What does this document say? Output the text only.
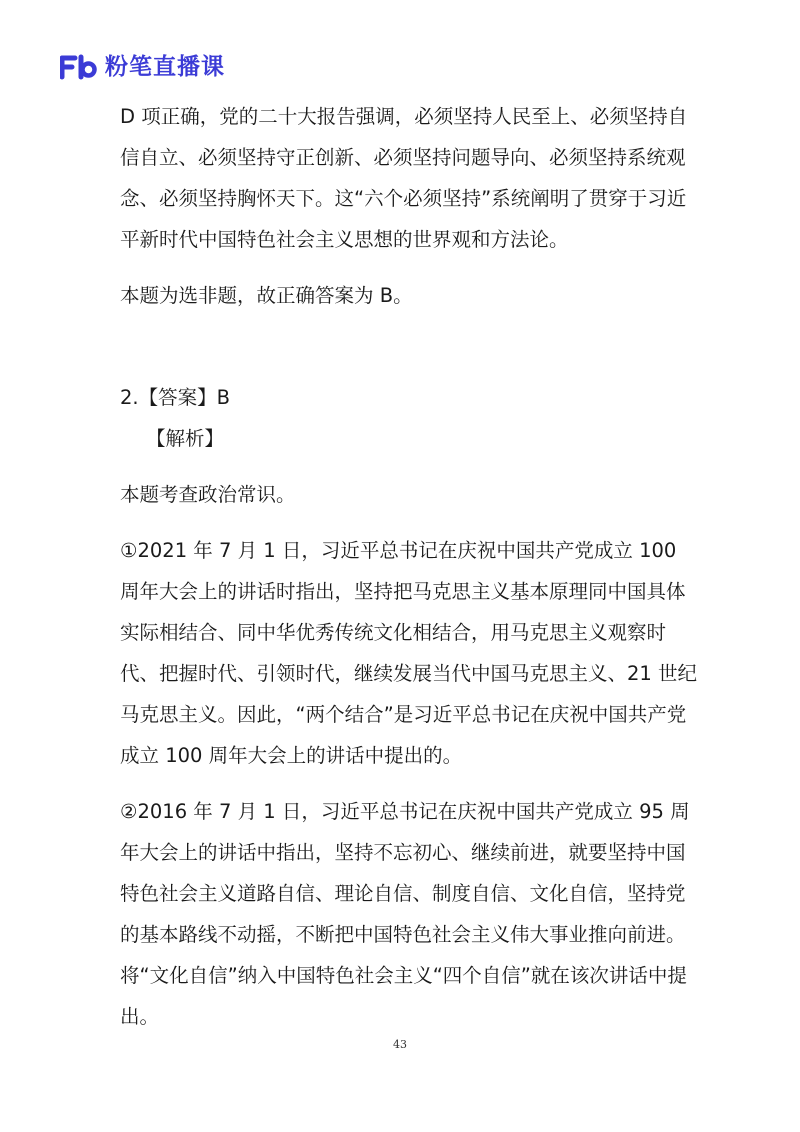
粉笔直播课

D 项正确，党的二十大报告强调，必须坚持人民至上、必须坚持自信自立、必须坚持守正创新、必须坚持问题导向、必须坚持系统观念、必须坚持胸怀天下。这“六个必须坚持”系统阐明了贯穿于习近平新时代中国特色社会主义思想的世界观和方法论。

本题为选非题，故正确答案为 B。

2.【答案】B

【解析】

本题考查政治常识。

①2021 年 7 月 1 日，习近平总书记在庆祝中国共产党成立 100 周年大会上的讲话时指出，坚持把马克思主义基本原理同中国具体实际相结合、同中华优秀传统文化相结合，用马克思主义观察时代、把握时代、引领时代，继续发展当代中国马克思主义、21 世纪马克思主义。因此，“两个结合”是习近平总书记在庆祝中国共产党成立 100 周年大会上的讲话中提出的。

②2016 年 7 月 1 日，习近平总书记在庆祝中国共产党成立 95 周年大会上的讲话中指出，坚持不忘初心、继续前进，就要坚持中国特色社会主义道路自信、理论自信、制度自信、文化自信，坚持党的基本路线不动摇，不断把中国特色社会主义伟大事业推向前进。将“文化自信”纳入中国特色社会主义“四个自信”就在该次讲话中提出。

43
